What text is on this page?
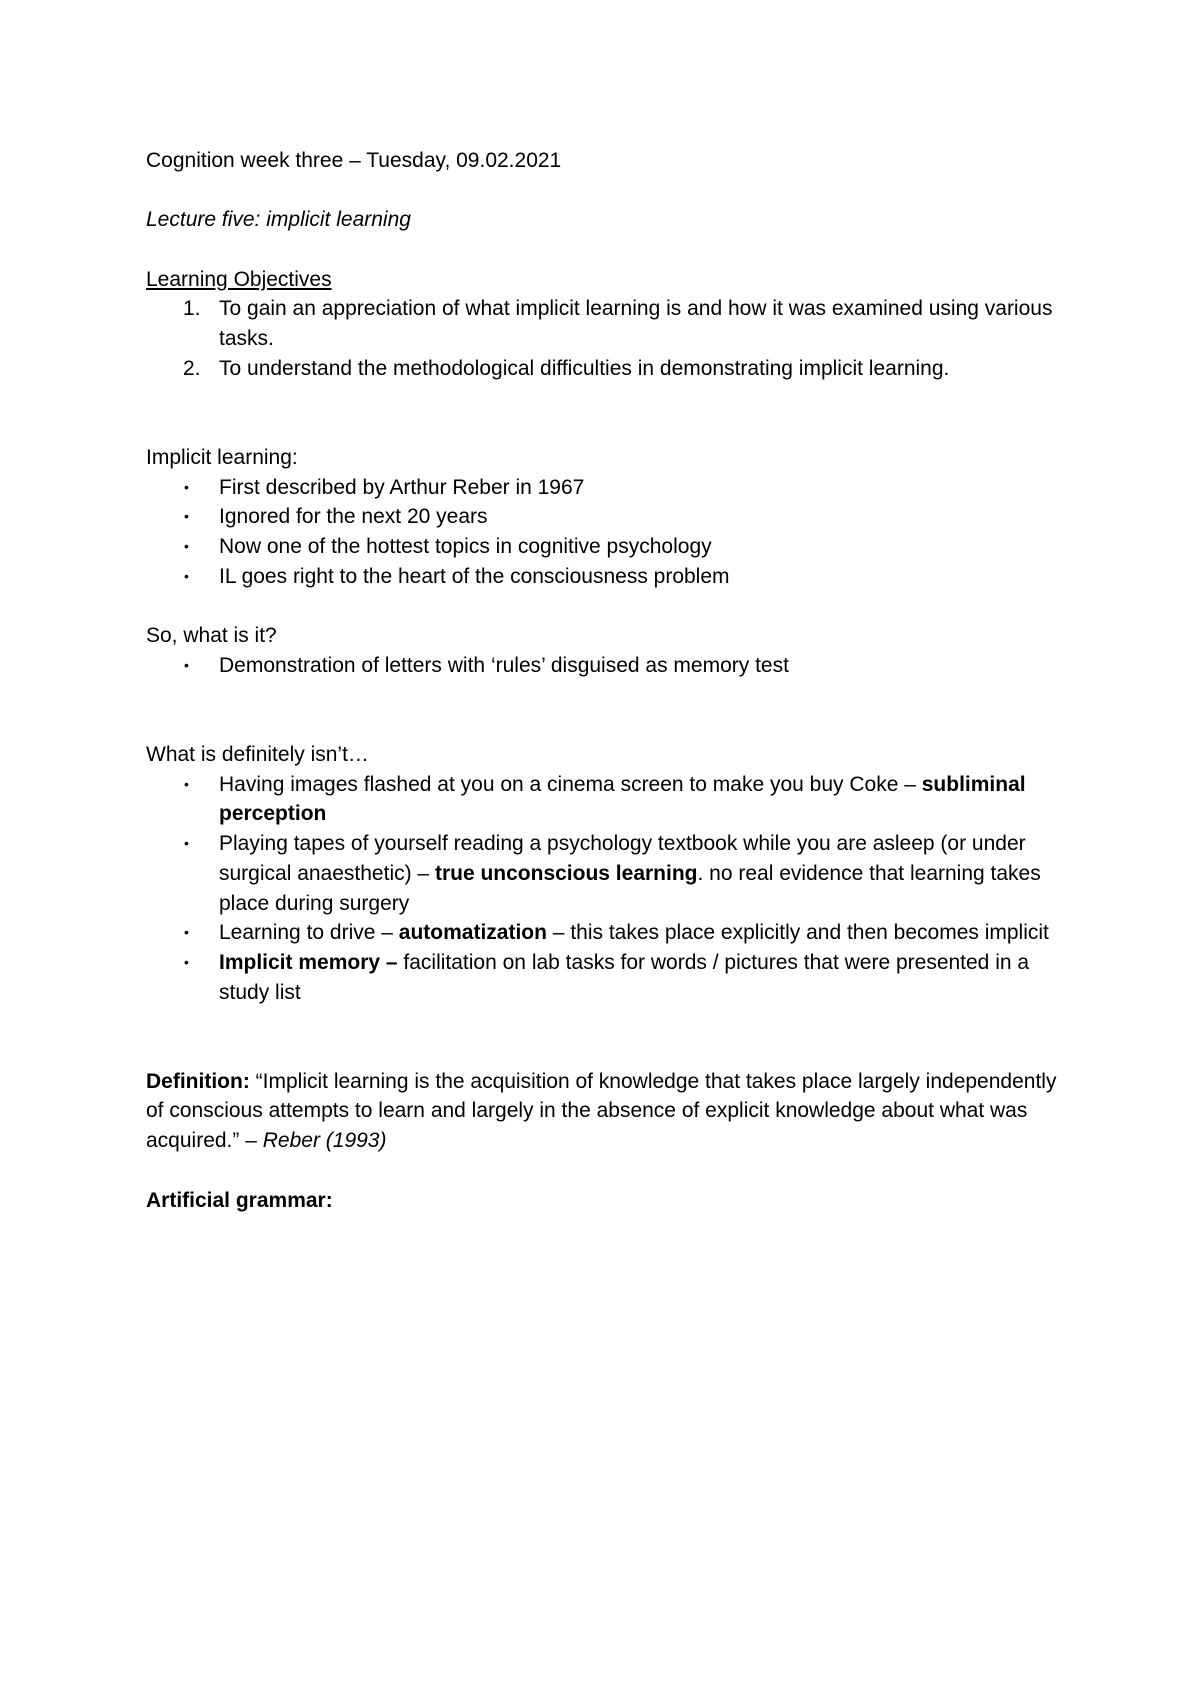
Cognition week three – Tuesday, 09.02.2021

Lecture five: implicit learning

Learning Objectives

1. To gain an appreciation of what implicit learning is and how it was examined using various tasks.
2. To understand the methodological difficulties in demonstrating implicit learning.

Implicit learning:

• First described by Arthur Reber in 1967
• Ignored for the next 20 years
• Now one of the hottest topics in cognitive psychology
• IL goes right to the heart of the consciousness problem

So, what is it?

• Demonstration of letters with ‘rules’ disguised as memory test

What is definitely isn’t…

• Having images flashed at you on a cinema screen to make you buy Coke – subliminal perception
• Playing tapes of yourself reading a psychology textbook while you are asleep (or under surgical anaesthetic) – true unconscious learning. no real evidence that learning takes place during surgery
• Learning to drive – automatization – this takes place explicitly and then becomes implicit
• Implicit memory – facilitation on lab tasks for words / pictures that were presented in a study list

Definition: “Implicit learning is the acquisition of knowledge that takes place largely independently of conscious attempts to learn and largely in the absence of explicit knowledge about what was acquired.” – Reber (1993)

Artificial grammar:
